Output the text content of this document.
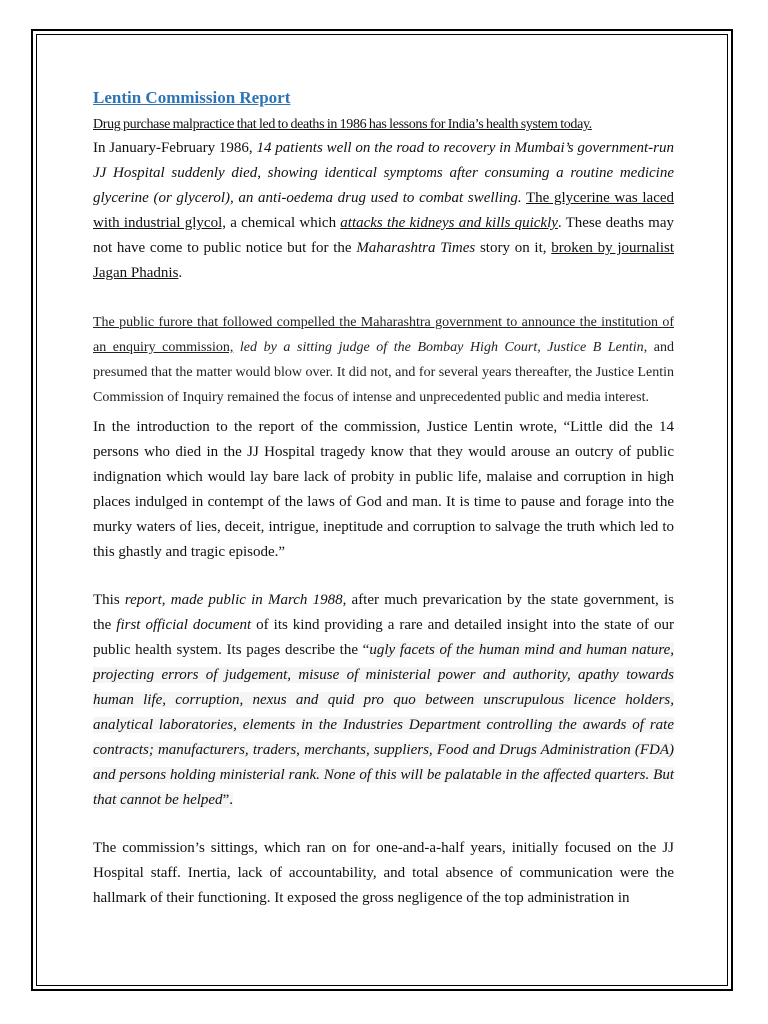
Lentin Commission Report

Drug purchase malpractice that led to deaths in 1986 has lessons for India’s health system today.

In January-February 1986, 14 patients well on the road to recovery in Mumbai’s government-run JJ Hospital suddenly died, showing identical symptoms after consuming a routine medicine glycerine (or glycerol), an anti-oedema drug used to combat swelling. The glycerine was laced with industrial glycol, a chemical which attacks the kidneys and kills quickly. These deaths may not have come to public notice but for the Maharashtra Times story on it, broken by journalist Jagan Phadnis.

The public furore that followed compelled the Maharashtra government to announce the institution of an enquiry commission, led by a sitting judge of the Bombay High Court, Justice B Lentin, and presumed that the matter would blow over. It did not, and for several years thereafter, the Justice Lentin Commission of Inquiry remained the focus of intense and unprecedented public and media interest.

In the introduction to the report of the commission, Justice Lentin wrote, “Little did the 14 persons who died in the JJ Hospital tragedy know that they would arouse an outcry of public indignation which would lay bare lack of probity in public life, malaise and corruption in high places indulged in contempt of the laws of God and man. It is time to pause and forage into the murky waters of lies, deceit, intrigue, ineptitude and corruption to salvage the truth which led to this ghastly and tragic episode.”

This report, made public in March 1988, after much prevarication by the state government, is the first official document of its kind providing a rare and detailed insight into the state of our public health system. Its pages describe the “ugly facets of the human mind and human nature, projecting errors of judgement, misuse of ministerial power and authority, apathy towards human life, corruption, nexus and quid pro quo between unscrupulous licence holders, analytical laboratories, elements in the Industries Department controlling the awards of rate contracts; manufacturers, traders, merchants, suppliers, Food and Drugs Administration (FDA) and persons holding ministerial rank. None of this will be palatable in the affected quarters. But that cannot be helped”.

The commission’s sittings, which ran on for one-and-a-half years, initially focused on the JJ Hospital staff. Inertia, lack of accountability, and total absence of communication were the hallmark of their functioning. It exposed the gross negligence of the top administration in
